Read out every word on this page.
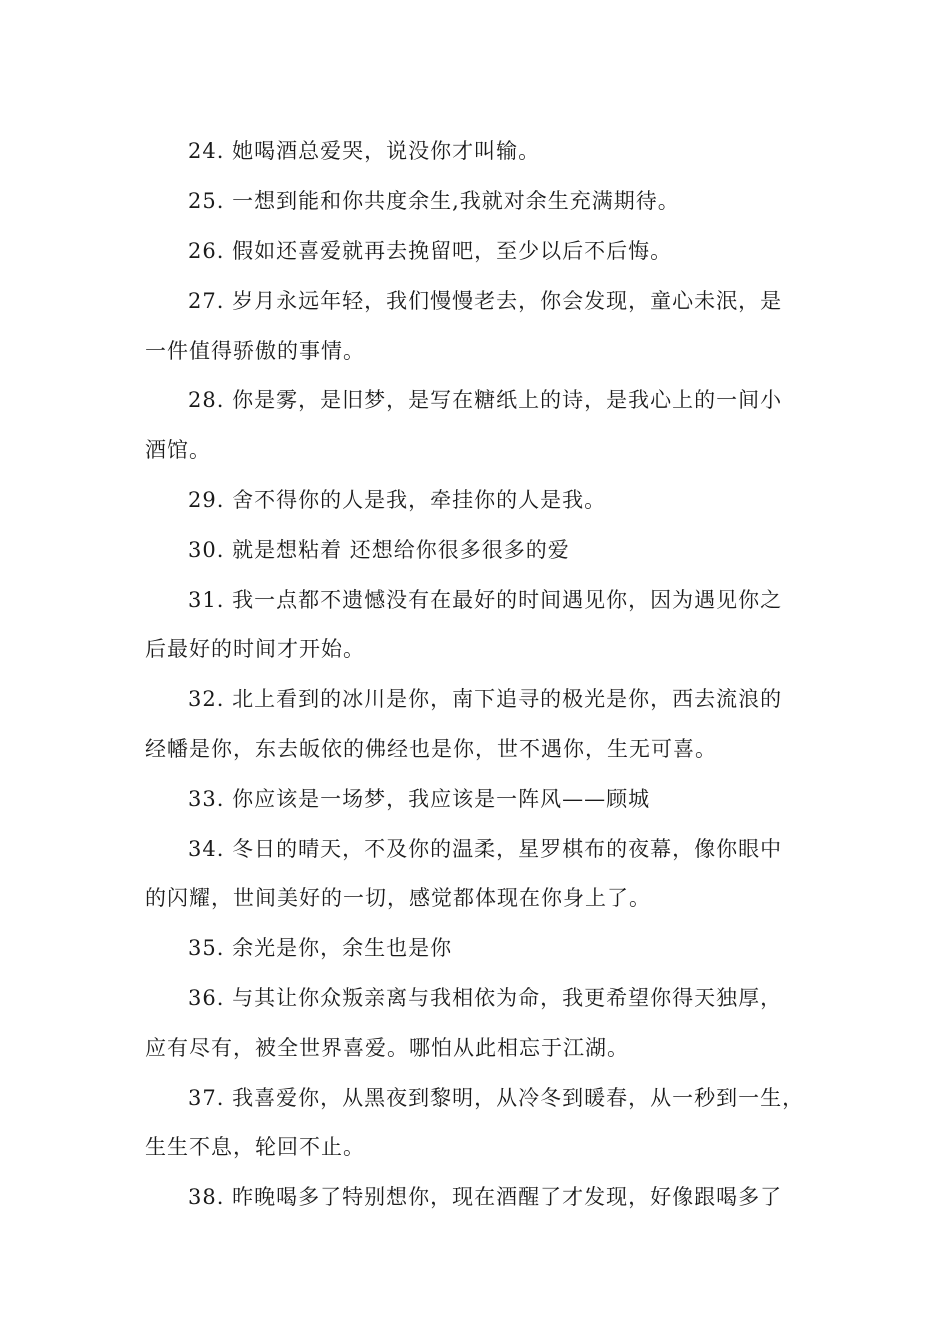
24. 她喝酒总爱哭，说没你才叫输。
25. 一想到能和你共度余生,我就对余生充满期待。
26. 假如还喜爱就再去挽留吧，至少以后不后悔。
27. 岁月永远年轻，我们慢慢老去，你会发现，童心未泯，是
一件值得骄傲的事情。
28. 你是雾，是旧梦，是写在糖纸上的诗，是我心上的一间小
酒馆。
29. 舍不得你的人是我，牵挂你的人是我。
30. 就是想粘着 还想给你很多很多的爱
31. 我一点都不遗憾没有在最好的时间遇见你，因为遇见你之
后最好的时间才开始。
32. 北上看到的冰川是你，南下追寻的极光是你，西去流浪的
经幡是你，东去皈依的佛经也是你，世不遇你，生无可喜。
33. 你应该是一场梦，我应该是一阵风——顾城
34. 冬日的晴天，不及你的温柔，星罗棋布的夜幕，像你眼中
的闪耀，世间美好的一切，感觉都体现在你身上了。
35. 余光是你，余生也是你
36. 与其让你众叛亲离与我相依为命，我更希望你得天独厚，
应有尽有，被全世界喜爱。哪怕从此相忘于江湖。
37. 我喜爱你，从黑夜到黎明，从冷冬到暖春，从一秒到一生，
生生不息，轮回不止。
38. 昨晚喝多了特别想你，现在酒醒了才发现，好像跟喝多了
